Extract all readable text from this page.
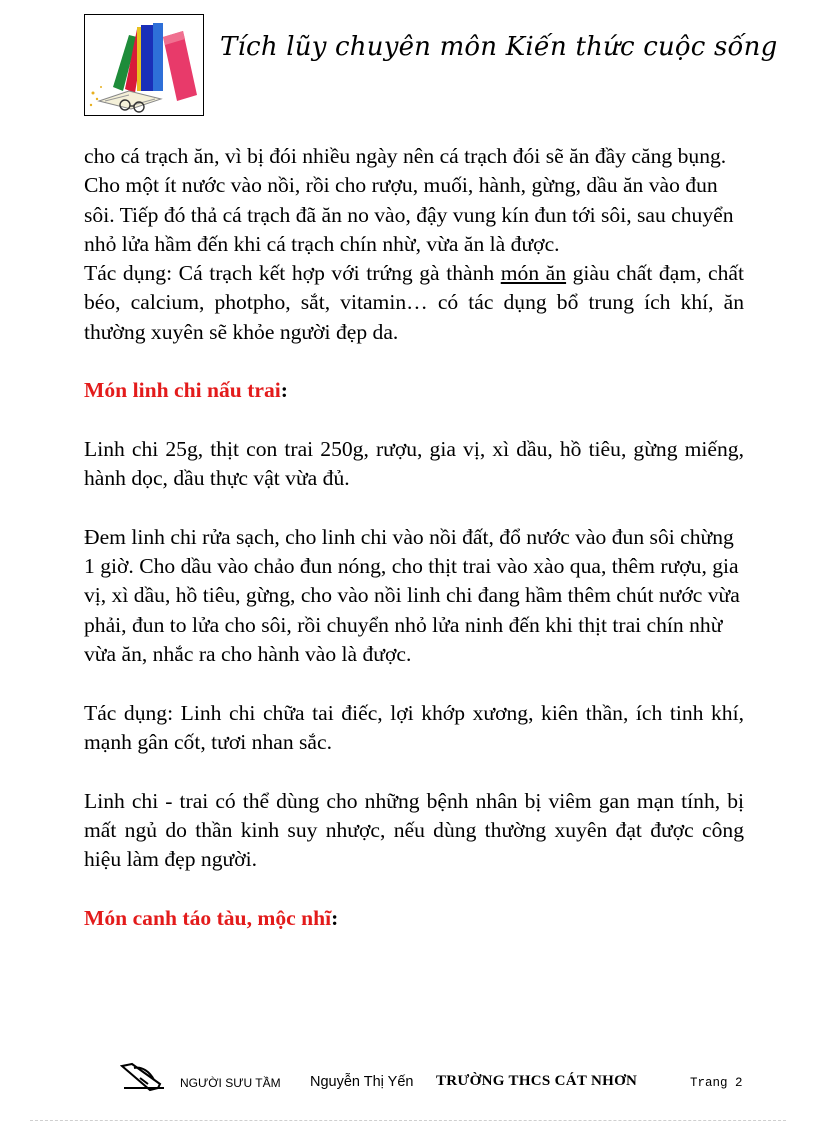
Tích lũy chuyên môn Kiến thức cuộc sống

cho cá trạch ăn, vì bị đói nhiều ngày nên cá trạch đói sẽ ăn đầy căng bụng. Cho một ít nước vào nồi, rồi cho rượu, muối, hành, gừng, dầu ăn vào đun sôi. Tiếp đó thả cá trạch đã ăn no vào, đậy vung kín đun tới sôi, sau chuyển nhỏ lửa hầm đến khi cá trạch chín nhừ, vừa ăn là được.

Tác dụng: Cá trạch kết hợp với trứng gà thành món ăn giàu chất đạm, chất béo, calcium, photpho, sắt, vitamin… có tác dụng bổ trung ích khí, ăn thường xuyên sẽ khỏe người đẹp da.

Món linh chi nấu trai:

Linh chi 25g, thịt con trai 250g, rượu, gia vị, xì dầu, hồ tiêu, gừng miếng, hành dọc, dầu thực vật vừa đủ.

Đem linh chi rửa sạch, cho linh chi vào nồi đất, đổ nước vào đun sôi chừng 1 giờ. Cho dầu vào chảo đun nóng, cho thịt trai vào xào qua, thêm rượu, gia vị, xì dầu, hồ tiêu, gừng, cho vào nồi linh chi đang hầm thêm chút nước vừa phải, đun to lửa cho sôi, rồi chuyển nhỏ lửa ninh đến khi thịt trai chín nhừ vừa ăn, nhắc ra cho hành vào là được.

Tác dụng: Linh chi chữa tai điếc, lợi khớp xương, kiên thần, ích tinh khí, mạnh gân cốt, tươi nhan sắc.

Linh chi - trai có thể dùng cho những bệnh nhân bị viêm gan mạn tính, bị mất ngủ do thần kinh suy nhược, nếu dùng thường xuyên đạt được công hiệu làm đẹp người.

Món canh táo tàu, mộc nhĩ:

NGƯỜI SƯU TẦM Nguyễn Thị Yến TRƯỜNG THCS CÁT NHƠN	Trang 2
